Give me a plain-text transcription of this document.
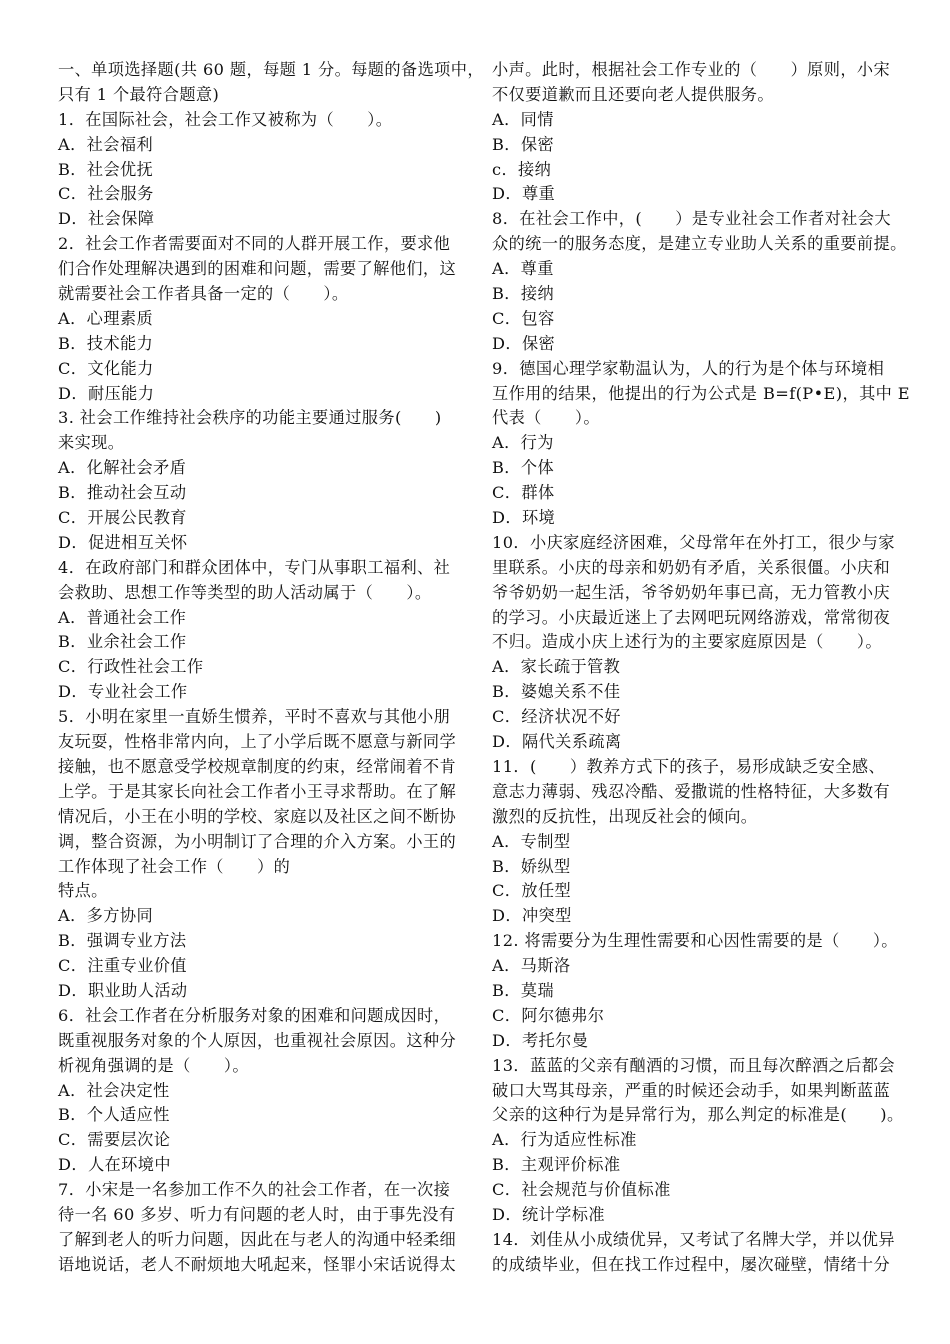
一、单项选择题(共 60 题，每题 1 分。每题的备选项中，
只有 1 个最符合题意)
1．在国际社会，社会工作又被称为（　　）。
A．社会福利
B．社会优抚
C．社会服务
D．社会保障
2．社会工作者需要面对不同的人群开展工作，要求他
们合作处理解决遇到的困难和问题，需要了解他们，这
就需要社会工作者具备一定的（　　）。
A．心理素质
B．技术能力
C．文化能力
D．耐压能力
3. 社会工作维持社会秩序的功能主要通过服务(　　)
来实现。
A．化解社会矛盾
B．推动社会互动
C．开展公民教育
D．促进相互关怀
4．在政府部门和群众团体中，专门从事职工福利、社
会救助、思想工作等类型的助人活动属于（　　）。
A．普通社会工作
B．业余社会工作
C．行政性社会工作
D．专业社会工作
5．小明在家里一直娇生惯养，平时不喜欢与其他小朋
友玩耍，性格非常内向，上了小学后既不愿意与新同学
接触，也不愿意受学校规章制度的约束，经常闹着不肯
上学。于是其家长向社会工作者小王寻求帮助。在了解
情况后，小王在小明的学校、家庭以及社区之间不断协
调，整合资源，为小明制订了合理的介入方案。小王的
工作体现了社会工作（　　）的
特点。
A．多方协同
B．强调专业方法
C．注重专业价值
D．职业助人活动
6．社会工作者在分析服务对象的困难和问题成因时，
既重视服务对象的个人原因，也重视社会原因。这种分
析视角强调的是（　　）。
A．社会决定性
B．个人适应性
C．需要层次论
D．人在环境中
7．小宋是一名参加工作不久的社会工作者，在一次接
待一名 60 多岁、听力有问题的老人时，由于事先没有
了解到老人的听力问题，因此在与老人的沟通中轻柔细
语地说话，老人不耐烦地大吼起来，怪罪小宋话说得太
小声。此时，根据社会工作专业的（　　）原则，小宋
不仅要道歉而且还要向老人提供服务。
A．同情
B．保密
c．接纳
D．尊重
8．在社会工作中，(　　）是专业社会工作者对社会大
众的统一的服务态度，是建立专业助人关系的重要前提。
A．尊重
B．接纳
C．包容
D．保密
9．德国心理学家勒温认为，人的行为是个体与环境相
互作用的结果，他提出的行为公式是 B=f(P•E)，其中 E
代表（　　）。
A．行为
B．个体
C．群体
D．环境
10．小庆家庭经济困难，父母常年在外打工，很少与家
里联系。小庆的母亲和奶奶有矛盾，关系很僵。小庆和
爷爷奶奶一起生活，爷爷奶奶年事已高，无力管教小庆
的学习。小庆最近迷上了去网吧玩网络游戏，常常彻夜
不归。造成小庆上述行为的主要家庭原因是（　　）。
A．家长疏于管教
B．婆媳关系不佳
C．经济状况不好
D．隔代关系疏离
11．(　　）教养方式下的孩子，易形成缺乏安全感、
意志力薄弱、残忍冷酷、爱撒谎的性格特征，大多数有
激烈的反抗性，出现反社会的倾向。
A．专制型
B．娇纵型
C．放任型
D．冲突型
12. 将需要分为生理性需要和心因性需要的是（　　）。
A．马斯洛
B．莫瑞
C．阿尔德弗尔
D．考托尔曼
13．蓝蓝的父亲有酗酒的习惯，而且每次醉酒之后都会
破口大骂其母亲，严重的时候还会动手，如果判断蓝蓝
父亲的这种行为是异常行为，那么判定的标准是(　　)。
A．行为适应性标准
B．主观评价标准
C．社会规范与价值标准
D．统计学标准
14．刘佳从小成绩优异，又考试了名牌大学，并以优异
的成绩毕业，但在找工作过程中，屡次碰壁，情绪十分
